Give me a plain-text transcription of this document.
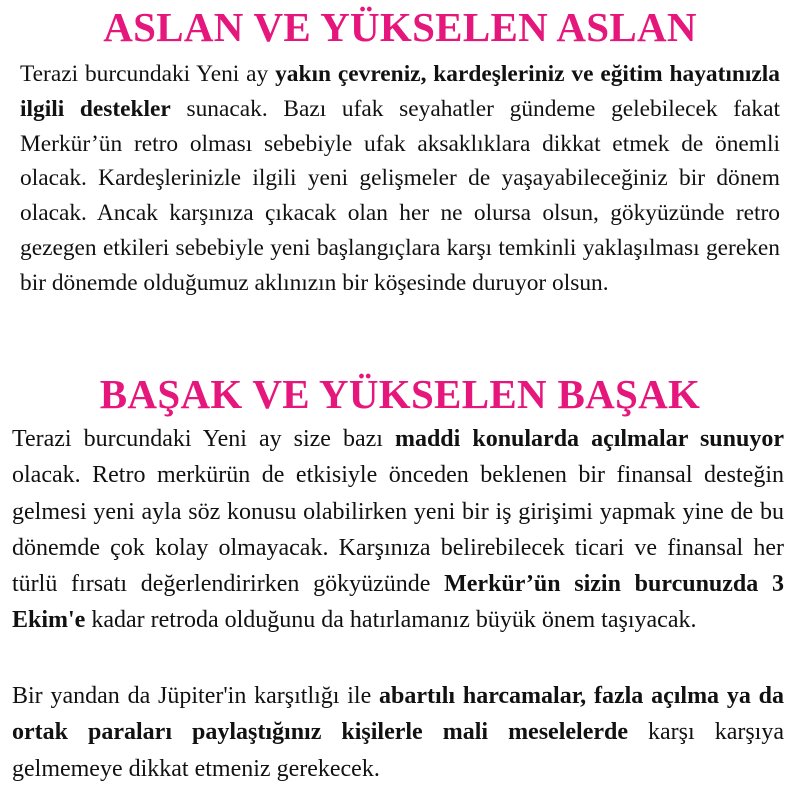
ASLAN VE YÜKSELEN ASLAN

Terazi burcundaki Yeni ay yakın çevreniz, kardeşleriniz ve eğitim hayatınızla ilgili destekler sunacak. Bazı ufak seyahatler gündeme gelebilecek fakat Merkür’ün retro olması sebebiyle ufak aksaklıklara dikkat etmek de önemli olacak. Kardeşlerinizle ilgili yeni gelişmeler de yaşayabileceğiniz bir dönem olacak. Ancak karşınıza çıkacak olan her ne olursa olsun, gökyüzünde retro gezegen etkileri sebebiyle yeni başlangıçlara karşı temkinli yaklaşılması gereken bir dönemde olduğumuz aklınızın bir köşesinde duruyor olsun.

BAŞAK VE YÜKSELEN BAŞAK

Terazi burcundaki Yeni ay size bazı maddi konularda açılmalar sunuyor olacak. Retro merkürün de etkisiyle önceden beklenen bir finansal desteğin gelmesi yeni ayla söz konusu olabilirken yeni bir iş girişimi yapmak yine de bu dönemde çok kolay olmayacak. Karşınıza belirebilecek ticari ve finansal her türlü fırsatı değerlendirirken gökyüzünde Merkür’ün sizin burcunuzda 3 Ekim'e kadar retroda olduğunu da hatırlamanız büyük önem taşıyacak.

Bir yandan da Jüpiter'in karşıtlığı ile abartılı harcamalar, fazla açılma ya da ortak paraları paylaştığınız kişilerle mali meselelerde karşı karşıya gelmemeye dikkat etmeniz gerekecek.
